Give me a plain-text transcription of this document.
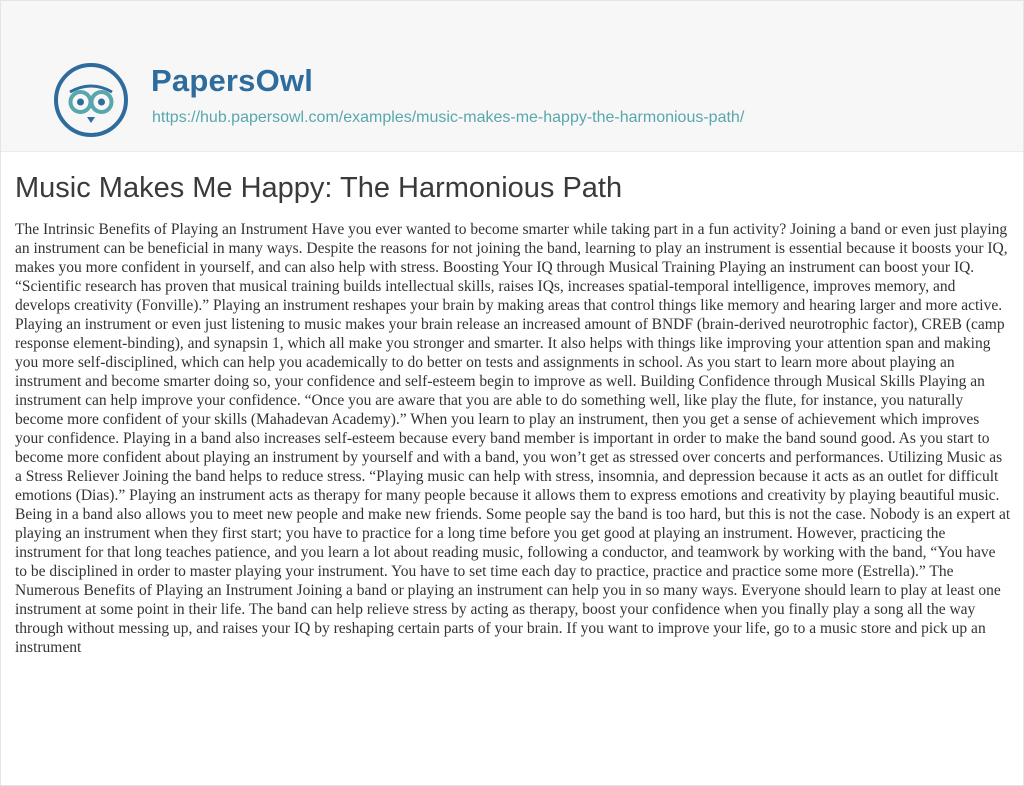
PapersOwl
https://hub.papersowl.com/examples/music-makes-me-happy-the-harmonious-path/
Music Makes Me Happy: The Harmonious Path

The Intrinsic Benefits of Playing an Instrument Have you ever wanted to become smarter while taking part in a fun activity? Joining a band or even just playing an instrument can be beneficial in many ways. Despite the reasons for not joining the band, learning to play an instrument is essential because it boosts your IQ, makes you more confident in yourself, and can also help with stress. Boosting Your IQ through Musical Training Playing an instrument can boost your IQ. “Scientific research has proven that musical training builds intellectual skills, raises IQs, increases spatial-temporal intelligence, improves memory, and develops creativity (Fonville).” Playing an instrument reshapes your brain by making areas that control things like memory and hearing larger and more active. Playing an instrument or even just listening to music makes your brain release an increased amount of BNDF (brain-derived neurotrophic factor), CREB (camp response element-binding), and synapsin 1, which all make you stronger and smarter. It also helps with things like improving your attention span and making you more self-disciplined, which can help you academically to do better on tests and assignments in school. As you start to learn more about playing an instrument and become smarter doing so, your confidence and self-esteem begin to improve as well. Building Confidence through Musical Skills Playing an instrument can help improve your confidence. “Once you are aware that you are able to do something well, like play the flute, for instance, you naturally become more confident of your skills (Mahadevan Academy).” When you learn to play an instrument, then you get a sense of achievement which improves your confidence. Playing in a band also increases self-esteem because every band member is important in order to make the band sound good. As you start to become more confident about playing an instrument by yourself and with a band, you won’t get as stressed over concerts and performances. Utilizing Music as a Stress Reliever Joining the band helps to reduce stress. “Playing music can help with stress, insomnia, and depression because it acts as an outlet for difficult emotions (Dias).” Playing an instrument acts as therapy for many people because it allows them to express emotions and creativity by playing beautiful music. Being in a band also allows you to meet new people and make new friends. Some people say the band is too hard, but this is not the case. Nobody is an expert at playing an instrument when they first start; you have to practice for a long time before you get good at playing an instrument. However, practicing the instrument for that long teaches patience, and you learn a lot about reading music, following a conductor, and teamwork by working with the band, “You have to be disciplined in order to master playing your instrument. You have to set time each day to practice, practice and practice some more (Estrella).” The Numerous Benefits of Playing an Instrument Joining a band or playing an instrument can help you in so many ways. Everyone should learn to play at least one instrument at some point in their life. The band can help relieve stress by acting as therapy, boost your confidence when you finally play a song all the way through without messing up, and raises your IQ by reshaping certain parts of your brain. If you want to improve your life, go to a music store and pick up an instrument
